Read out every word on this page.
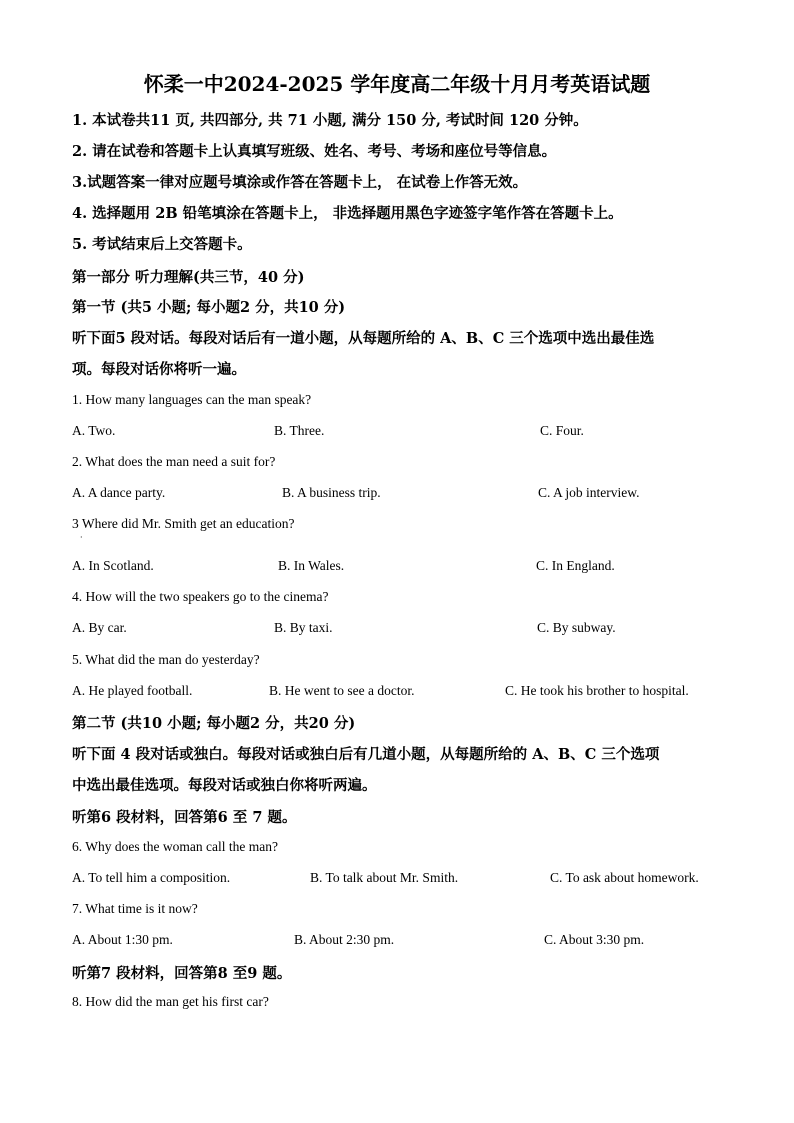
怀柔一中2024-2025 学年度高二年级十月月考英语试题
1. 本试卷共11 页, 共四部分, 共 71 小题, 满分 150 分, 考试时间 120 分钟。
2. 请在试卷和答题卡上认真填写班级、姓名、考号、考场和座位号等信息。
3.试题答案一律对应题号填涂或作答在答题卡上， 在试卷上作答无效。
4. 选择题用 2B 铅笔填涂在答题卡上， 非选择题用黑色字迹签字笔作答在答题卡上。
5. 考试结束后上交答题卡。
第一部分 听力理解(共三节，40 分)
第一节 (共5 小题; 每小题2 分，共10 分)
听下面5 段对话。每段对话后有一道小题，从每题所给的 A、B、C 三个选项中选出最佳选
项。每段对话你将听一遍。
1. How many languages can the man speak?
A. Two.	B. Three.	C. Four.
2. What does the man need a suit for?
A. A dance party.	B. A business trip.	C. A job interview.
3 Where did Mr. Smith get an education?
·
A. In Scotland.	B. In Wales.	C. In England.
4. How will the two speakers go to the cinema?
A. By car.	B. By taxi.	C. By subway.
5. What did the man do yesterday?
A. He played football.	B. He went to see a doctor.	C. He took his brother to hospital.
第二节 (共10 小题; 每小题2 分，共20 分)
听下面 4 段对话或独白。每段对话或独白后有几道小题，从每题所给的 A、B、C 三个选项
中选出最佳选项。每段对话或独白你将听两遍。
听第6 段材料，回答第6 至 7 题。
6. Why does the woman call the man?
A. To tell him a composition.	B. To talk about Mr. Smith.	C. To ask about homework.
7. What time is it now?
A. About 1:30 pm.	B. About 2:30 pm.	C. About 3:30 pm.
听第7 段材料，回答第8 至9 题。
8. How did the man get his first car?
